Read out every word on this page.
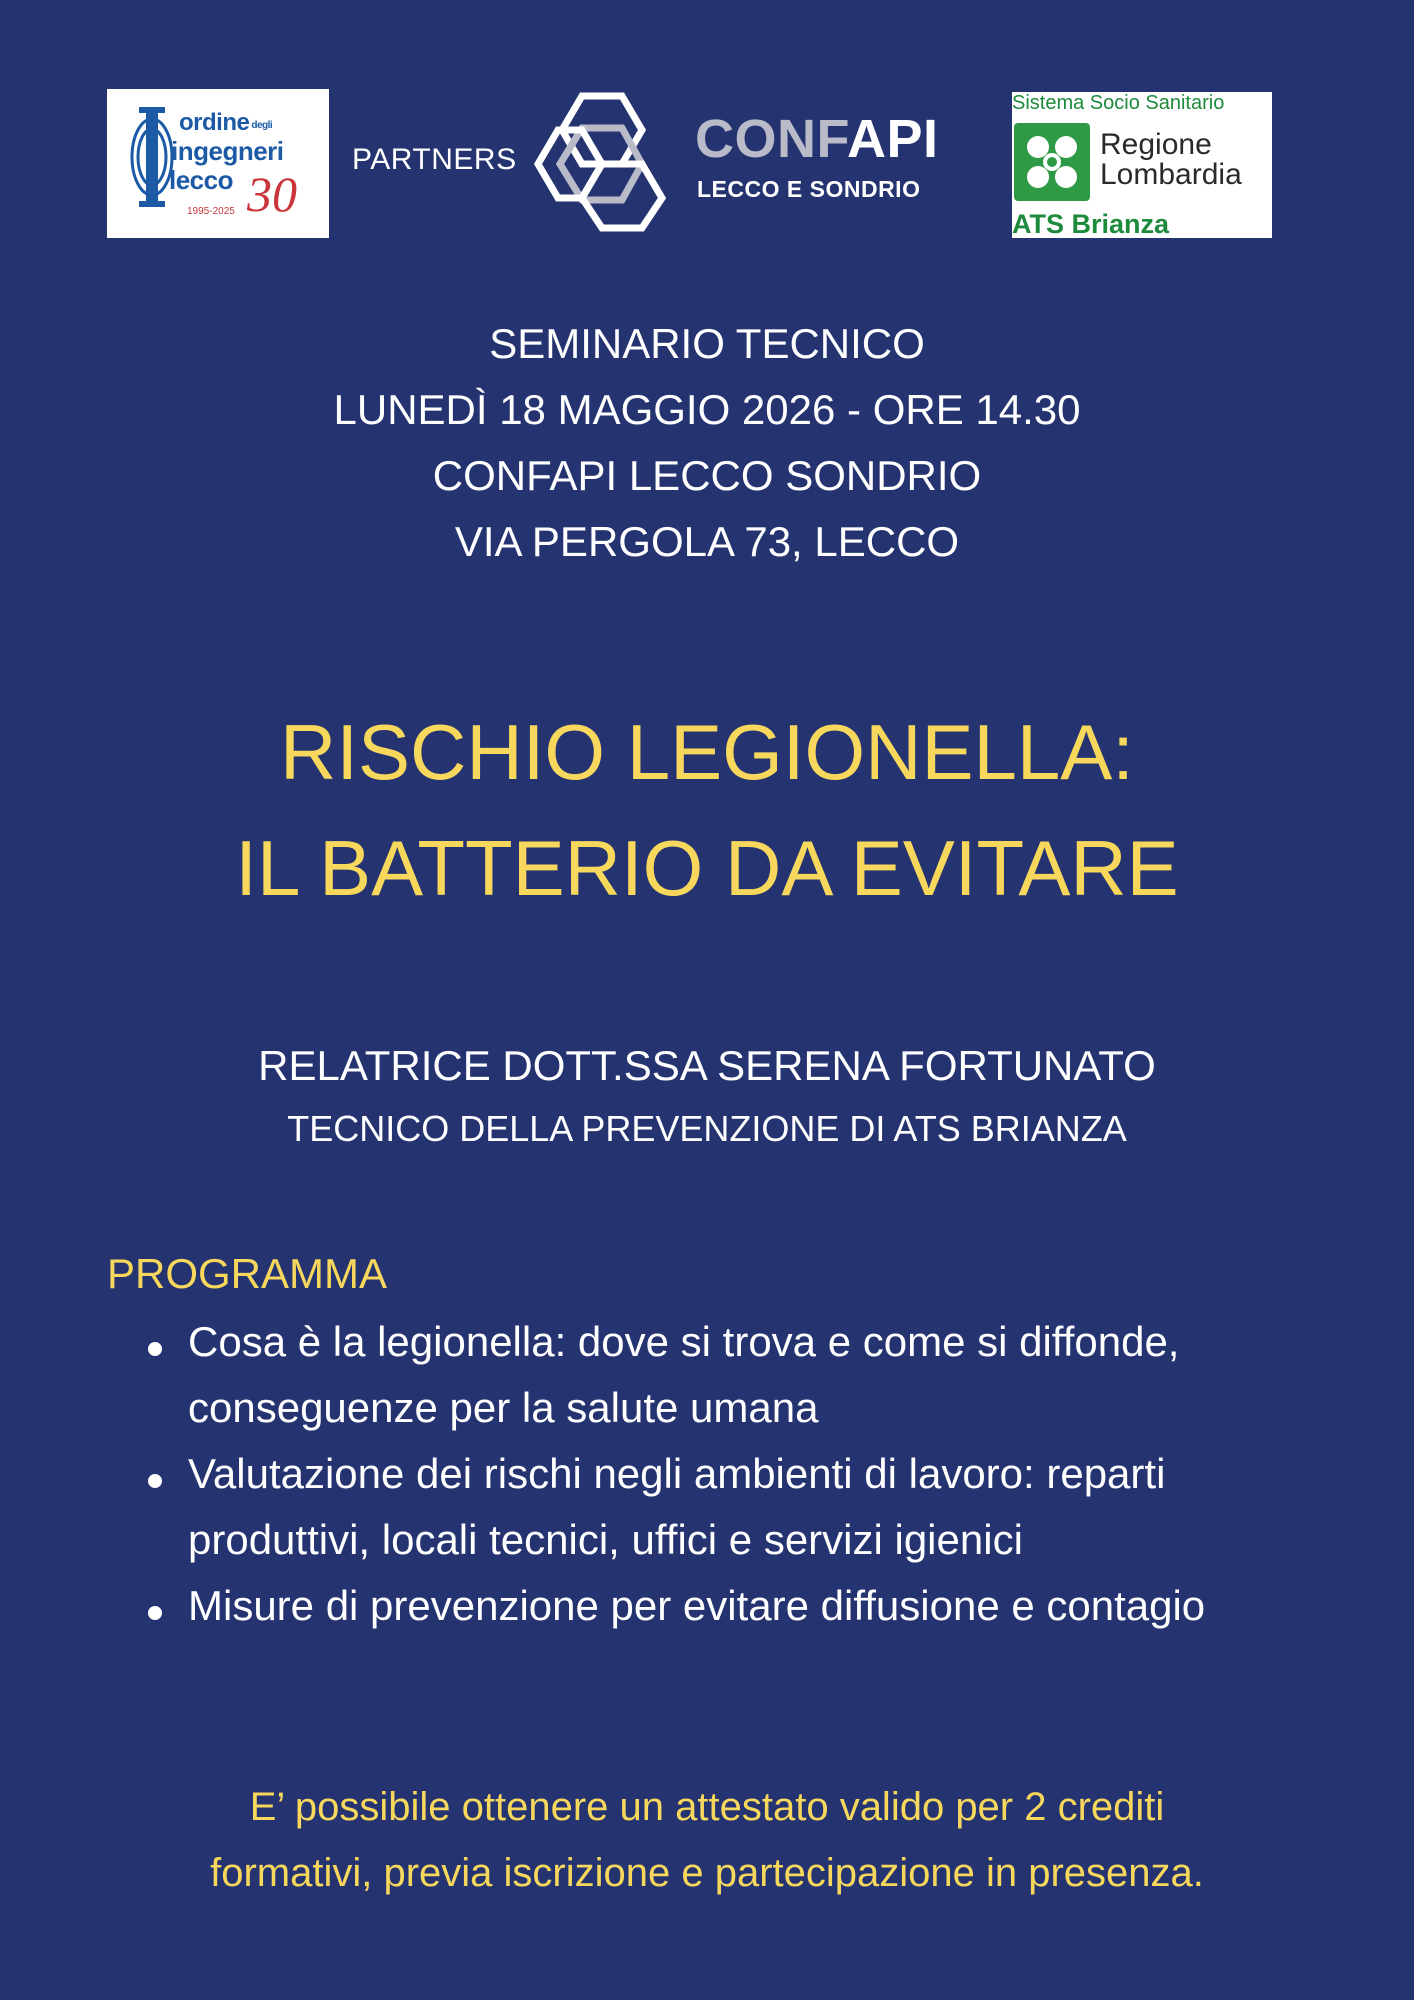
ordine degli
ingegneri
lecco
1995-2025 30
PARTNERS	CONFAPI
LECCO E SONDRIO
Sistema Socio Sanitario
Regione
Lombardia
ATS Brianza
SEMINARIO TECNICO
LUNEDÌ 18 MAGGIO 2026 - ORE 14.30
CONFAPI LECCO SONDRIO
VIA PERGOLA 73, LECCO
RISCHIO LEGIONELLA:
IL BATTERIO DA EVITARE
RELATRICE DOTT.SSA SERENA FORTUNATO
TECNICO DELLA PREVENZIONE DI ATS BRIANZA
PROGRAMMA
Cosa è la legionella: dove si trova e come si diffonde,
conseguenze per la salute umana
Valutazione dei rischi negli ambienti di lavoro: reparti
produttivi, locali tecnici, uffici e servizi igienici
Misure di prevenzione per evitare diffusione e contagio
E’ possibile ottenere un attestato valido per 2 crediti
formativi, previa iscrizione e partecipazione in presenza.
